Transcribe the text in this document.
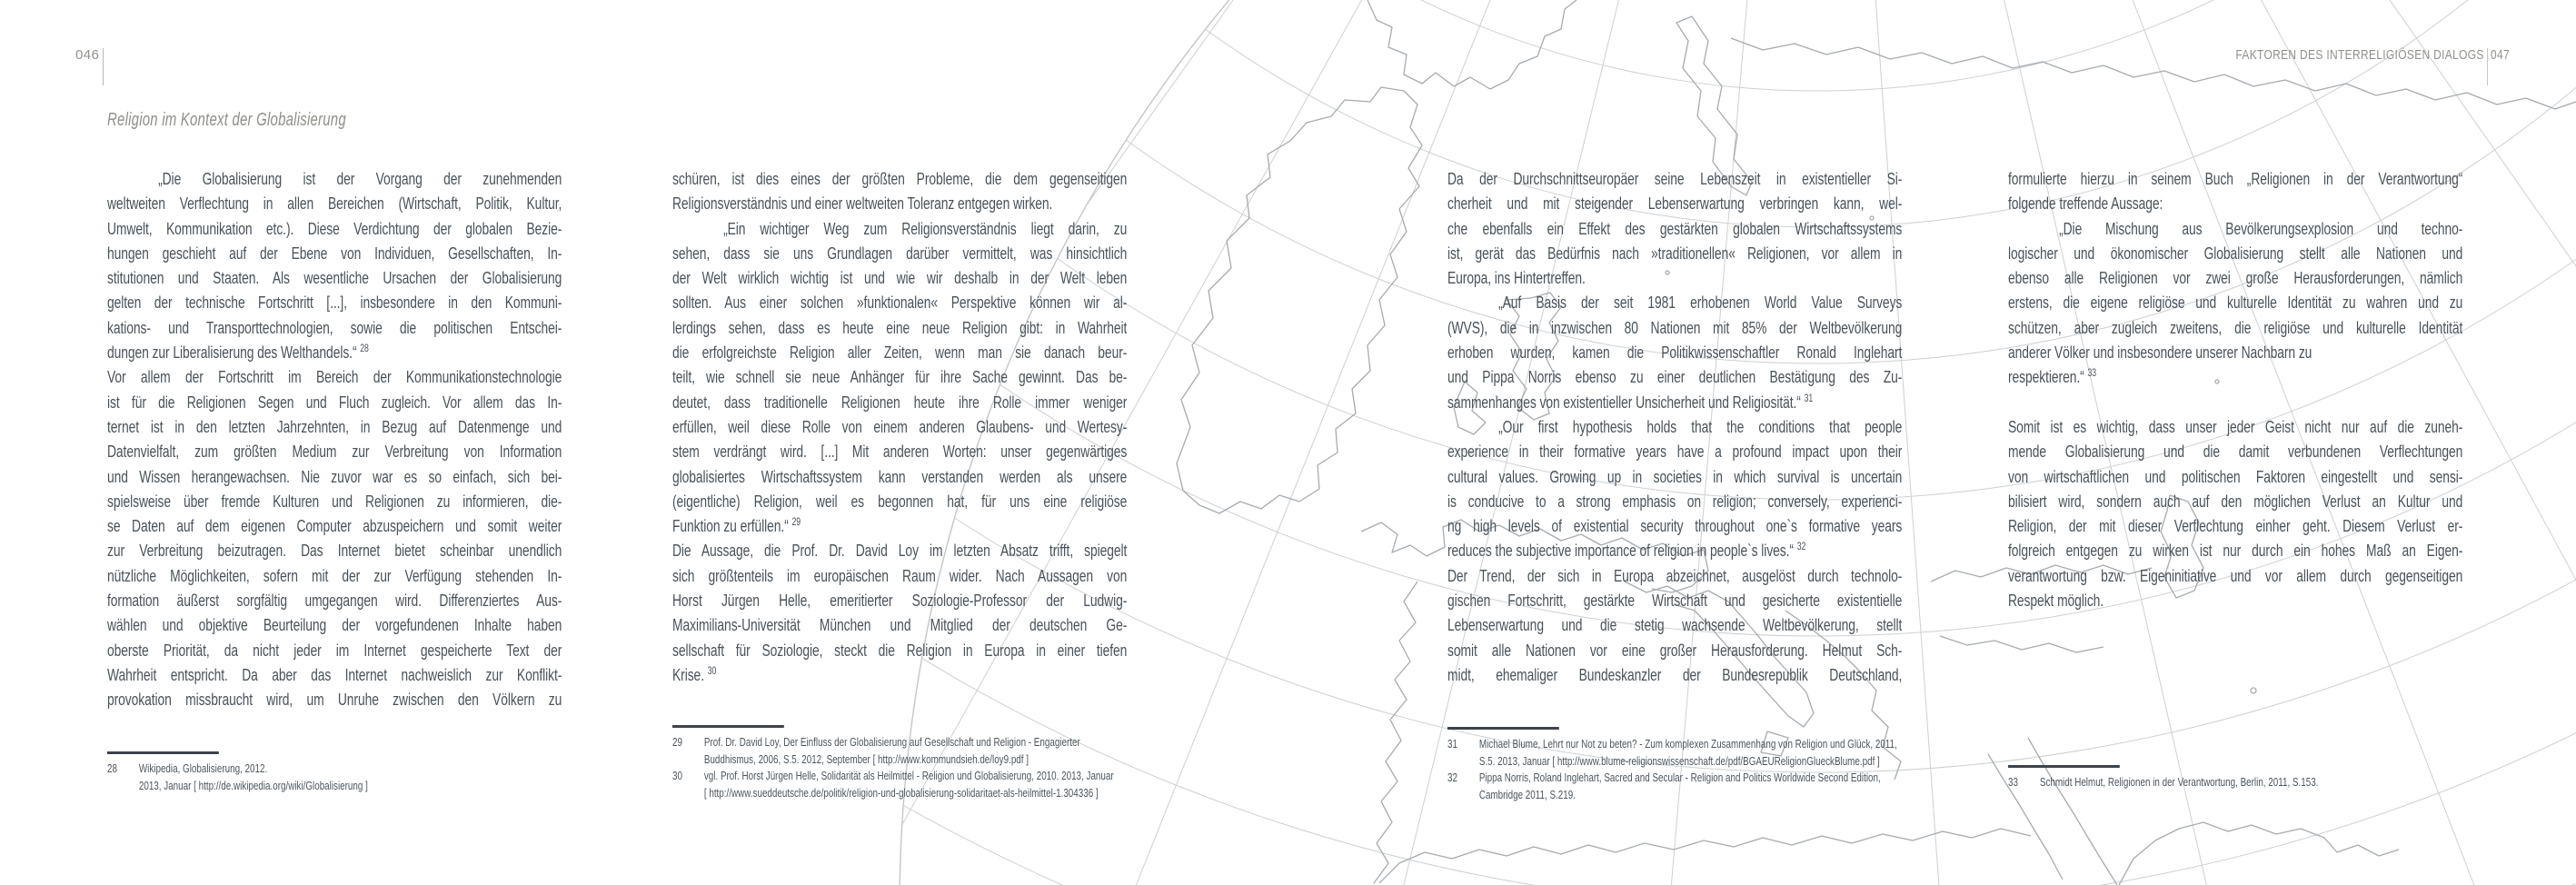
046	FAKTOREN DES INTERRELIGIÖSEN DIALOGS 047
Religion im Kontext der Globalisierung
„Die Globalisierung ist der Vorgang der zunehmenden
weltweiten Verflechtung in allen Bereichen (Wirtschaft, Politik, Kultur,
Umwelt, Kommunikation etc.). Diese Verdichtung der globalen Bezie-
hungen geschieht auf der Ebene von Individuen, Gesellschaften, In-
stitutionen und Staaten. Als wesentliche Ursachen der Globalisierung
gelten der technische Fortschritt [...], insbesondere in den Kommuni-
kations- und Transporttechnologien, sowie die politischen Entschei-
dungen zur Liberalisierung des Welthandels.“ $^{28}$
Vor allem der Fortschritt im Bereich der Kommunikationstechnologie
ist für die Religionen Segen und Fluch zugleich. Vor allem das In-
ternet ist in den letzten Jahrzehnten, in Bezug auf Datenmenge und
Datenvielfalt, zum größten Medium zur Verbreitung von Information
und Wissen herangewachsen. Nie zuvor war es so einfach, sich bei-
spielsweise über fremde Kulturen und Religionen zu informieren, die-
se Daten auf dem eigenen Computer abzuspeichern und somit weiter
zur Verbreitung beizutragen. Das Internet bietet scheinbar unendlich
nützliche Möglichkeiten, sofern mit der zur Verfügung stehenden In-
formation äußerst sorgfältig umgegangen wird. Differenziertes Aus-
wählen und objektive Beurteilung der vorgefundenen Inhalte haben
oberste Priorität, da nicht jeder im Internet gespeicherte Text der
Wahrheit entspricht. Da aber das Internet nachweislich zur Konflikt-
provokation missbraucht wird, um Unruhe zwischen den Völkern zu
schüren, ist dies eines der größten Probleme, die dem gegenseitigen
Religionsverständnis und einer weltweiten Toleranz entgegen wirken.
„Ein wichtiger Weg zum Religionsverständnis liegt darin, zu
sehen, dass sie uns Grundlagen darüber vermittelt, was hinsichtlich
der Welt wirklich wichtig ist und wie wir deshalb in der Welt leben
sollten. Aus einer solchen »funktionalen« Perspektive können wir al-
lerdings sehen, dass es heute eine neue Religion gibt: in Wahrheit
die erfolgreichste Religion aller Zeiten, wenn man sie danach beur-
teilt, wie schnell sie neue Anhänger für ihre Sache gewinnt. Das be-
deutet, dass traditionelle Religionen heute ihre Rolle immer weniger
erfüllen, weil diese Rolle von einem anderen Glaubens- und Wertesy-
stem verdrängt wird. [...] Mit anderen Worten: unser gegenwärtiges
globalisiertes Wirtschaftssystem kann verstanden werden als unsere
(eigentliche) Religion, weil es begonnen hat, für uns eine religiöse
Funktion zu erfüllen.“ $^{29}$
Die Aussage, die Prof. Dr. David Loy im letzten Absatz trifft, spiegelt
sich größtenteils im europäischen Raum wider. Nach Aussagen von
Horst Jürgen Helle, emeritierter Soziologie-Professor der Ludwig-
Maximilians-Universität München und Mitglied der deutschen Ge-
sellschaft für Soziologie, steckt die Religion in Europa in einer tiefen
Krise. $^{30}$
Da der Durchschnittseuropäer seine Lebenszeit in existentieller Si-
cherheit und mit steigender Lebenserwartung verbringen kann, wel-
che ebenfalls ein Effekt des gestärkten globalen Wirtschaftssystems
ist, gerät das Bedürfnis nach »traditionellen« Religionen, vor allem in
Europa, ins Hintertreffen.
„Auf Basis der seit 1981 erhobenen World Value Surveys
(WVS), die in inzwischen 80 Nationen mit 85% der Weltbevölkerung
erhoben wurden, kamen die Politikwissenschaftler Ronald Inglehart
und Pippa Norris ebenso zu einer deutlichen Bestätigung des Zu-
sammenhanges von existentieller Unsicherheit und Religiosität.“ $^{31}$
„Our first hypothesis holds that the conditions that people
experience in their formative years have a profound impact upon their
cultural values. Growing up in societies in which survival is uncertain
is conducive to a strong emphasis on religion; conversely, experienci-
ng high levels of existential security throughout one`s formative years
reduces the subjective importance of religion in people`s lives.“ $^{32}$
Der Trend, der sich in Europa abzeichnet, ausgelöst durch technolo-
gischen Fortschritt, gestärkte Wirtschaft und gesicherte existentielle
Lebenserwartung und die stetig wachsende Weltbevölkerung, stellt
somit alle Nationen vor eine großer Herausforderung. Helmut Sch-
midt, ehemaliger Bundeskanzler der Bundesrepublik Deutschland,
formulierte hierzu in seinem Buch „Religionen in der Verantwortung“
folgende treffende Aussage:
„Die Mischung aus Bevölkerungsexplosion und techno-
logischer und ökonomischer Globalisierung stellt alle Nationen und
ebenso alle Religionen vor zwei große Herausforderungen, nämlich
erstens, die eigene religiöse und kulturelle Identität zu wahren und zu
schützen, aber zugleich zweitens, die religiöse und kulturelle Identität
anderer Völker und insbesondere unserer Nachbarn zu
respektieren.“ $^{33}$

Somit ist es wichtig, dass unser jeder Geist nicht nur auf die zuneh-
mende Globalisierung und die damit verbundenen Verflechtungen
von wirtschaftlichen und politischen Faktoren eingestellt und sensi-
bilisiert wird, sondern auch auf den möglichen Verlust an Kultur und
Religion, der mit dieser Verflechtung einher geht. Diesem Verlust er-
folgreich entgegen zu wirken ist nur durch ein hohes Maß an Eigen-
verantwortung bzw. Eigeninitiative und vor allem durch gegenseitigen
Respekt möglich.
28	Wikipedia, Globalisierung, 2012.
2013, Januar [ http://de.wikipedia.org/wiki/Globalisierung ]
29	Prof. Dr. David Loy, Der Einfluss der Globalisierung auf Gesellschaft und Religion - Engagierter
Buddhismus, 2006, S.5. 2012, September [ http://www.kommundsieh.de/loy9.pdf ]
30	vgl. Prof. Horst Jürgen Helle, Solidarität als Heilmittel - Religion und Globalisierung, 2010. 2013, Januar
[ http://www.sueddeutsche.de/politik/religion-und-globalisierung-solidaritaet-als-heilmittel-1.304336 ]
31	Michael Blume, Lehrt nur Not zu beten? - Zum komplexen Zusammenhang von Religion und Glück, 2011,
S.5. 2013, Januar [ http://www.blume-religionswissenschaft.de/pdf/BGAEUReligionGlueckBlume.pdf ]
32	Pippa Norris, Roland Inglehart, Sacred and Secular - Religion and Politics Worldwide Second Edition,
Cambridge 2011, S.219.
33	Schmidt Helmut, Religionen in der Verantwortung, Berlin, 2011, S.153.
